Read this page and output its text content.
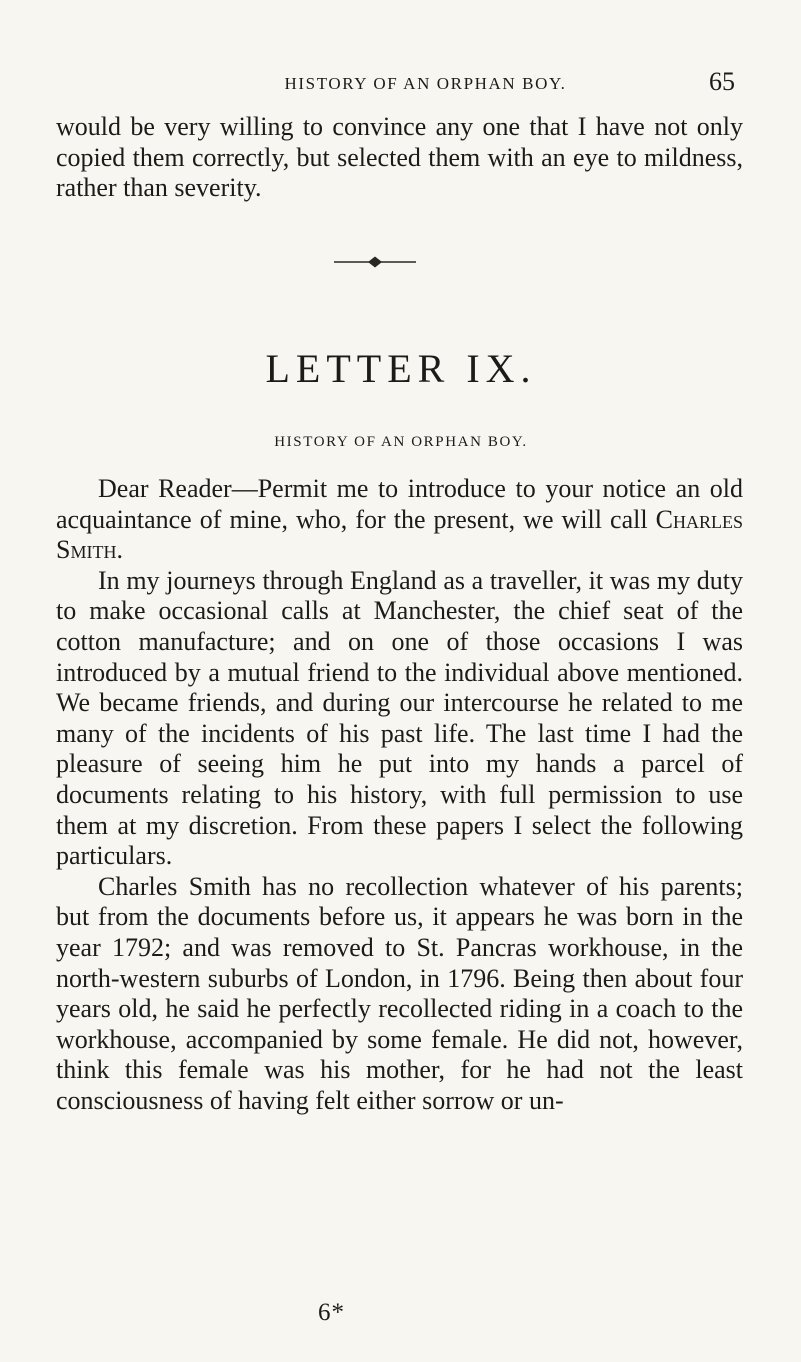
HISTORY OF AN ORPHAN BOY.	65
would be very willing to convince any one that I have not only copied them correctly, but selected them with an eye to mildness, rather than severity.
LETTER IX.
HISTORY OF AN ORPHAN BOY.

Dear Reader—Permit me to introduce to your notice an old acquaintance of mine, who, for the present, we will call Charles Smith.

In my journeys through England as a traveller, it was my duty to make occasional calls at Manchester, the chief seat of the cotton manufacture; and on one of those occasions I was introduced by a mutual friend to the individual above mentioned. We became friends, and during our intercourse he related to me many of the incidents of his past life. The last time I had the pleasure of seeing him he put into my hands a parcel of documents relating to his history, with full permission to use them at my discretion. From these papers I select the following particulars.

Charles Smith has no recollection whatever of his parents; but from the documents before us, it appears he was born in the year 1792; and was removed to St. Pancras workhouse, in the north-western suburbs of London, in 1796. Being then about four years old, he said he perfectly recollected riding in a coach to the workhouse, accompanied by some female. He did not, however, think this female was his mother, for he had not the least consciousness of having felt either sorrow or un-

6*
